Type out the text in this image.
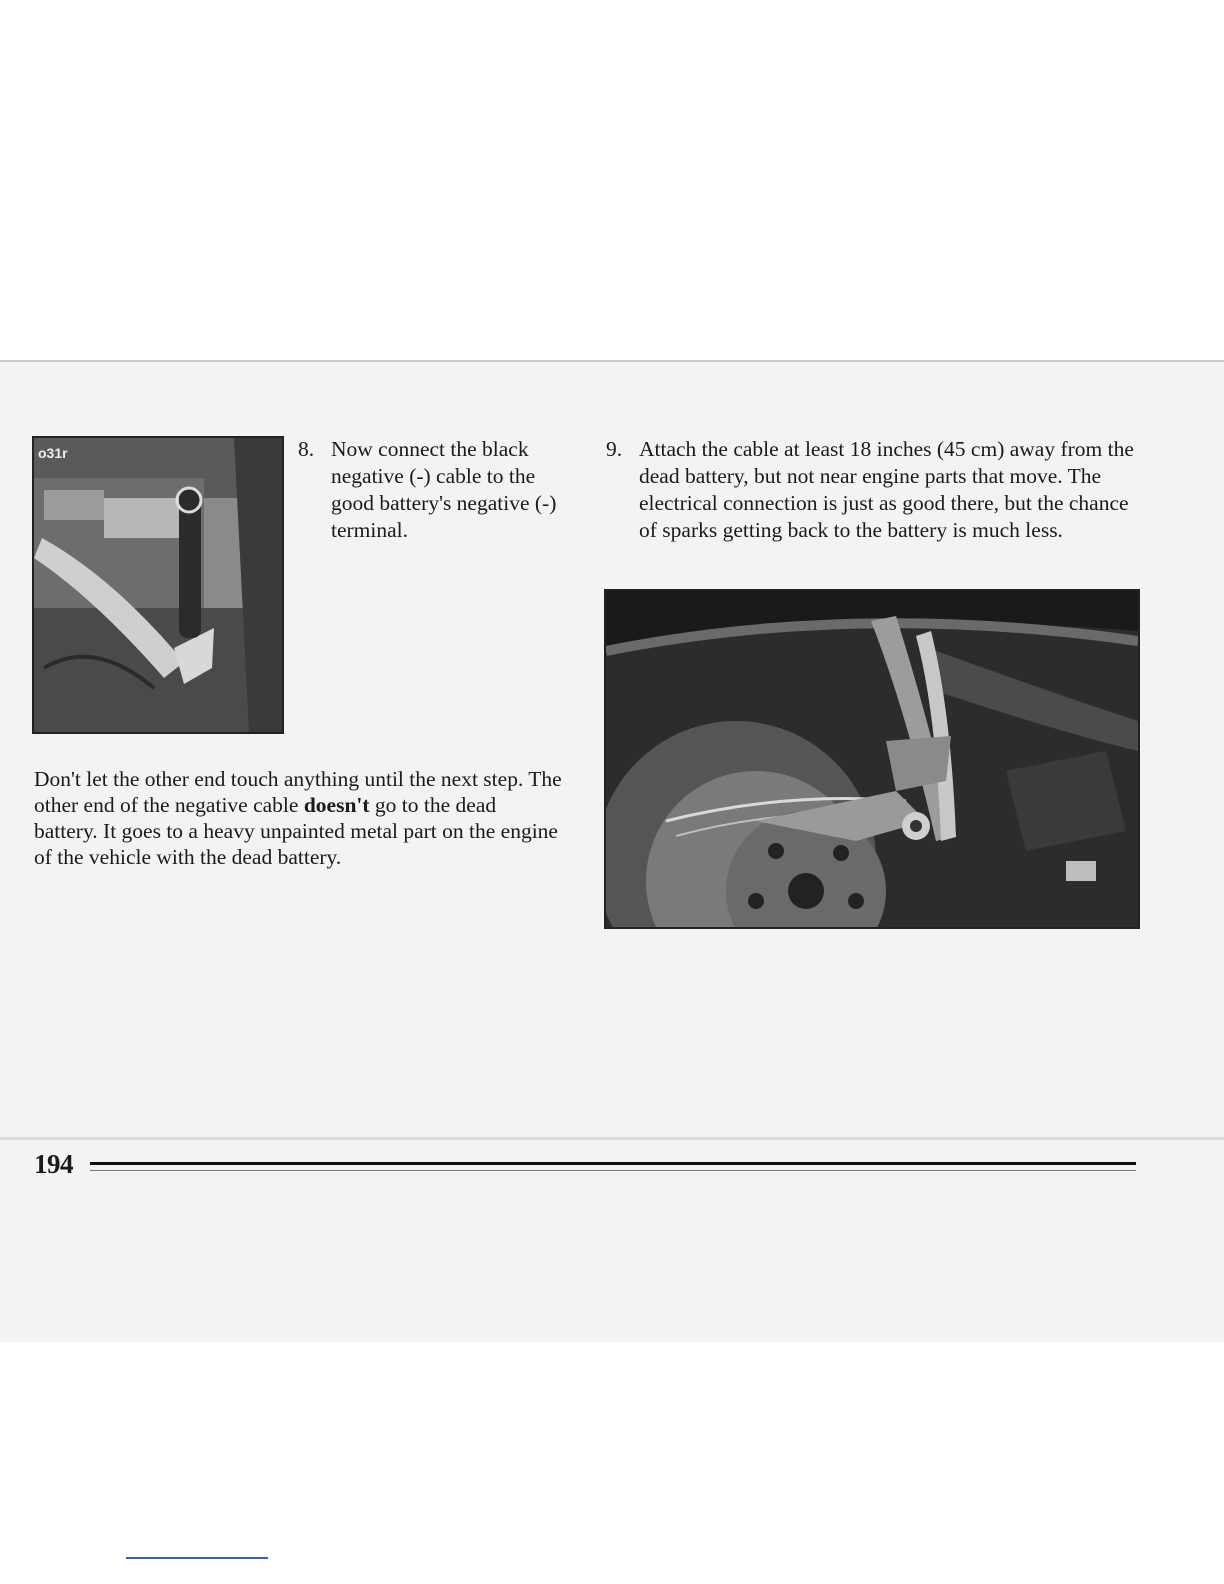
o31r	8. Now connect the black negative (-) cable to the good battery's negative (-) terminal.
9. Attach the cable at least 18 inches (45 cm) away from the dead battery, but not near engine parts that move. The electrical connection is just as good there, but the chance of sparks getting back to the battery is much less.

Don't let the other end touch anything until the next step. The other end of the negative cable doesn't go to the dead battery. It goes to a heavy unpainted metal part on the engine of the vehicle with the dead battery.

194
